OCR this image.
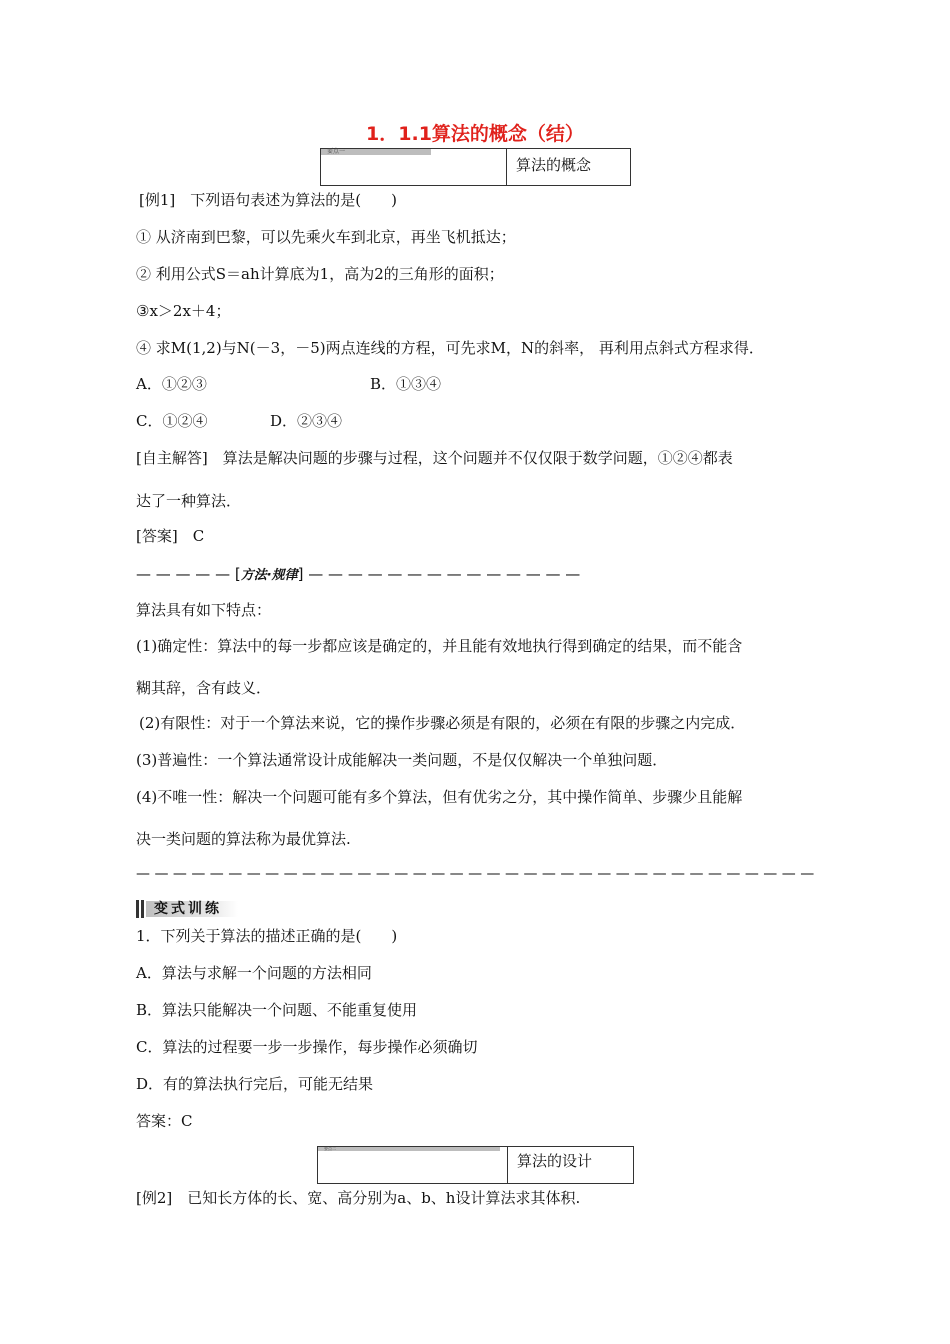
1．1.1算法的概念（结）
要点一
算法的概念
[例1]　下列语句表述为算法的是(　　)
① 从济南到巴黎，可以先乘火车到北京，再坐飞机抵达；
② 利用公式S＝ah计算底为1，高为2的三角形的面积；
③x＞2x＋4；
④ 求M(1,2)与N(－3，－5)两点连线的方程，可先求M，N的斜率， 再利用点斜式方程求得．
A．①②③	B．①③④
C．①②④	D．②③④
[自主解答]　算法是解决问题的步骤与过程，这个问题并不仅仅限于数学问题，①②④都表
达了一种算法．
[答案]　C
— — — — — [方法·规律] — — — — — — — — — — — — — —
算法具有如下特点：
(1)确定性：算法中的每一步都应该是确定的，并且能有效地执行得到确定的结果，而不能含
糊其辞，含有歧义．
(2)有限性：对于一个算法来说，它的操作步骤必须是有限的，必须在有限的步骤之内完成．
(3)普遍性：一个算法通常设计成能解决一类问题，不是仅仅解决一个单独问题．
(4)不唯一性：解决一个问题可能有多个算法，但有优劣之分，其中操作简单、步骤少且能解
决一类问题的算法称为最优算法.
— — — — — — — — — — — — — — — — — — — — — — — — — — — — — — — — — — — — —
变式训练
1．下列关于算法的描述正确的是(　　)
A．算法与求解一个问题的方法相同
B．算法只能解决一个问题、不能重复使用
C．算法的过程要一步一步操作，每步操作必须确切
D．有的算法执行完后，可能无结果
答案：C
要点二
算法的设计
[例2]　已知长方体的长、宽、高分别为a、b、h设计算法求其体积.
